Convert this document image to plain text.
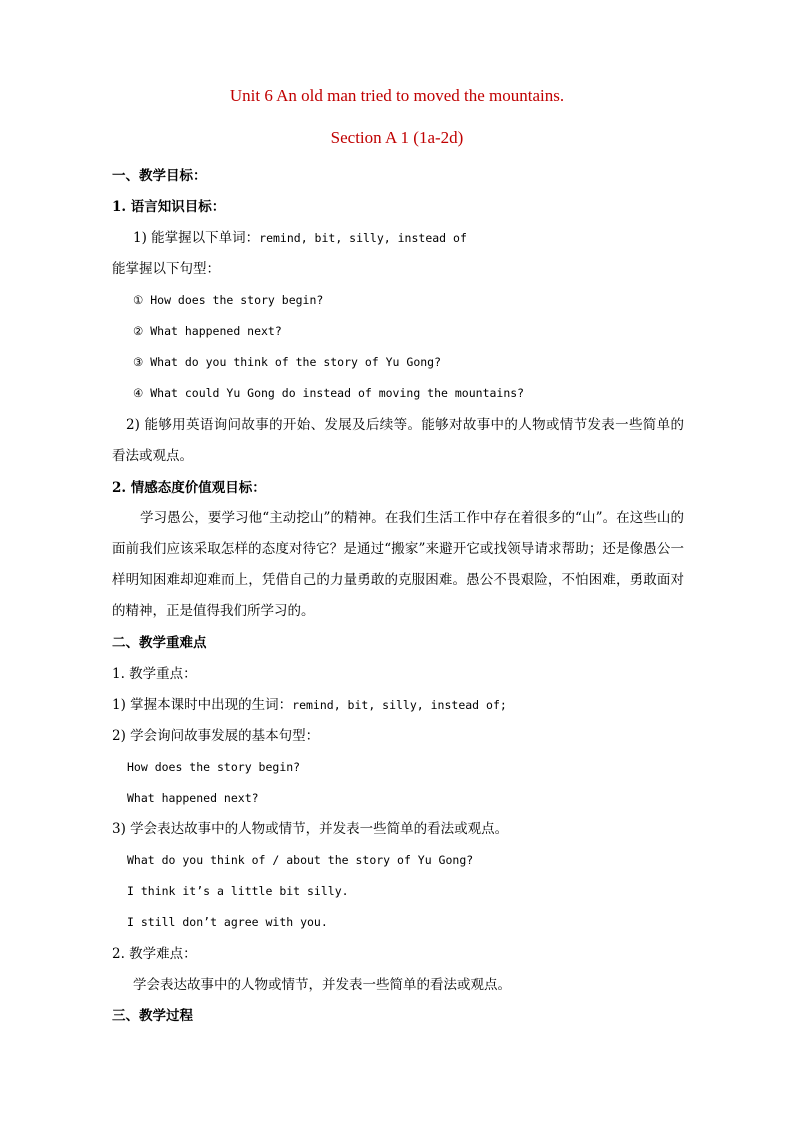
Unit 6 An old man tried to moved the mountains.
Section A 1 (1a-2d)
一、教学目标：
1. 语言知识目标：
1) 能掌握以下单词：remind, bit, silly, instead of
能掌握以下句型：
① How does the story begin?
② What happened next?
③ What do you think of the story of Yu Gong?
④ What could Yu Gong do instead of moving the mountains?
2) 能够用英语询问故事的开始、发展及后续等。能够对故事中的人物或情节发表一些简单的看法或观点。
2. 情感态度价值观目标：
学习愚公，要学习他“主动挖山”的精神。在我们生活工作中存在着很多的“山”。在这些山的面前我们应该采取怎样的态度对待它？是通过“搬家”来避开它或找领导请求帮助；还是像愚公一样明知困难却迎难而上，凭借自己的力量勇敢的克服困难。愚公不畏艰险，不怕困难，勇敢面对的精神，正是值得我们所学习的。
二、教学重难点
1. 教学重点：
1) 掌握本课时中出现的生词：remind, bit, silly, instead of;
2) 学会询问故事发展的基本句型：
How does the story begin?
What happened next?
3) 学会表达故事中的人物或情节，并发表一些简单的看法或观点。
What do you think of / about the story of Yu Gong?
I think it’s a little bit silly.
I still don’t agree with you.
2. 教学难点：
学会表达故事中的人物或情节，并发表一些简单的看法或观点。
三、教学过程
